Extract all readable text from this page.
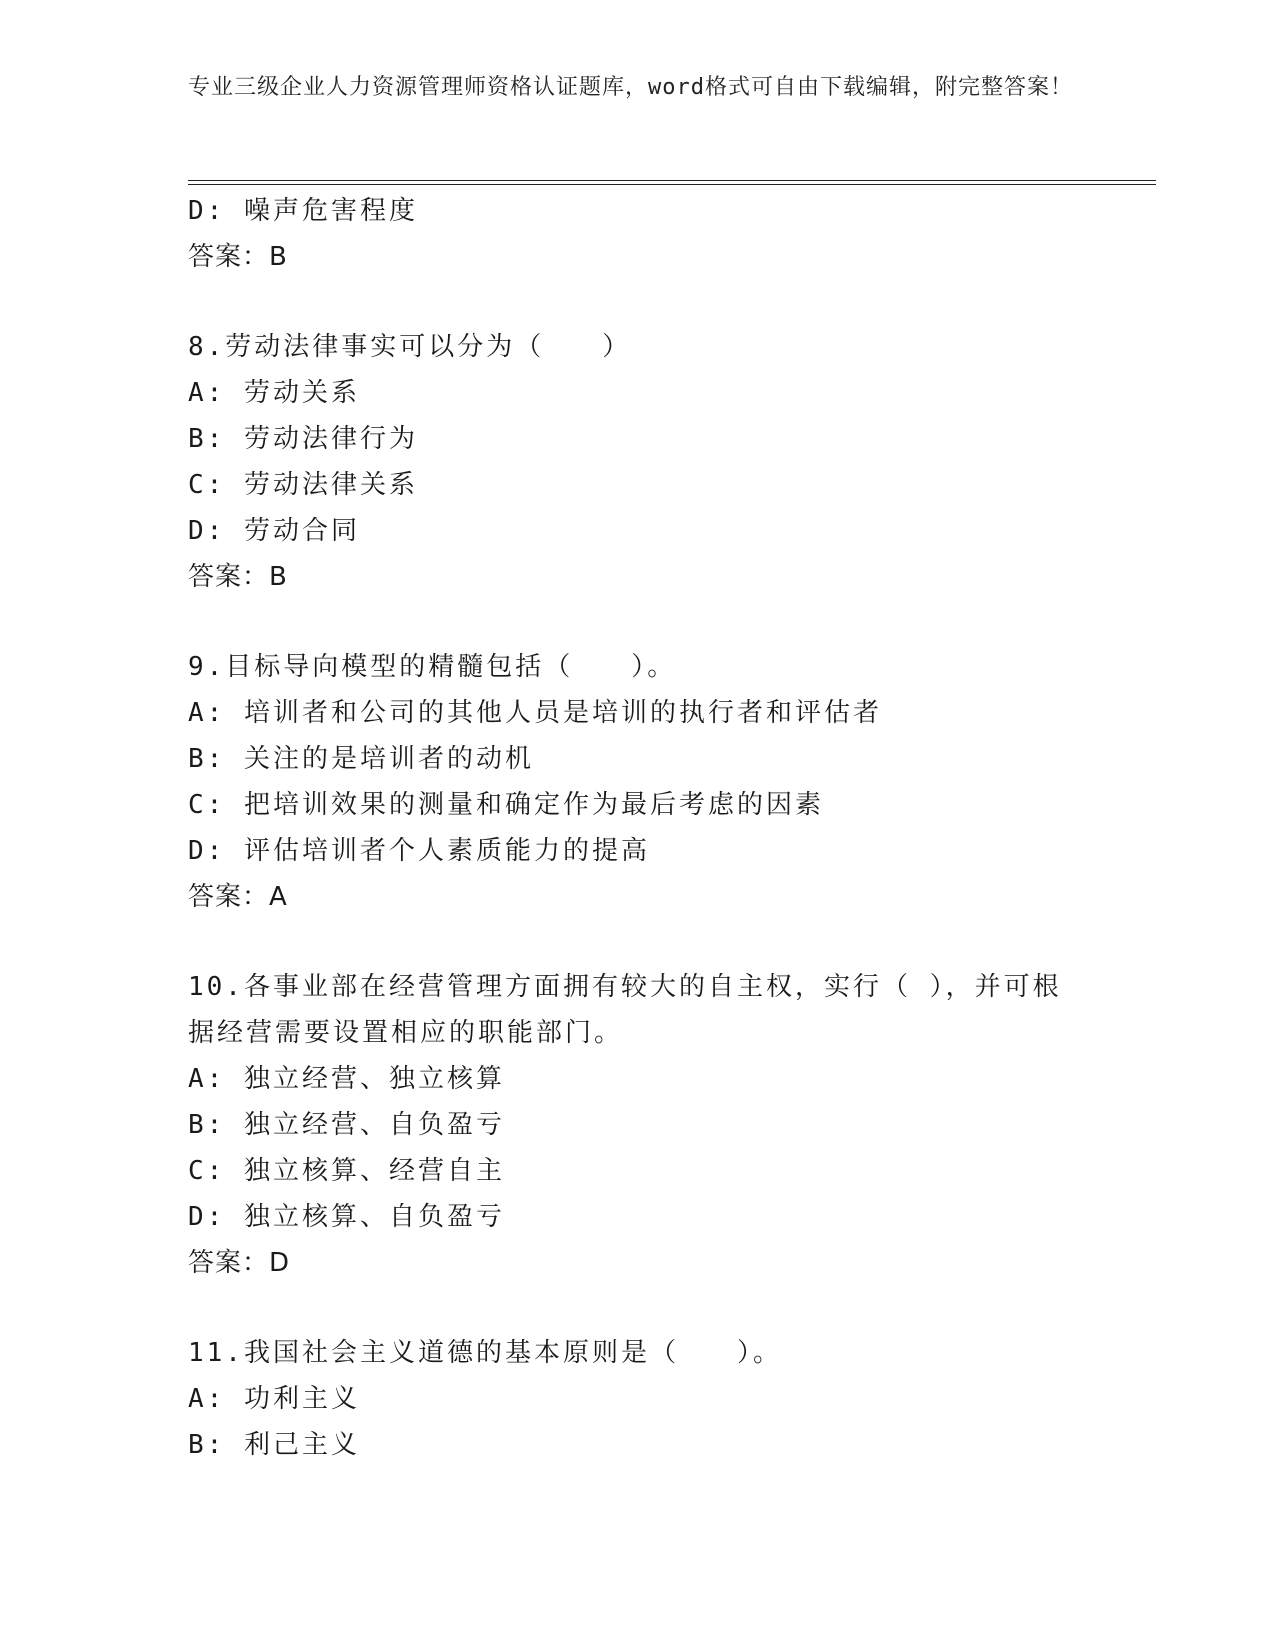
专业三级企业人力资源管理师资格认证题库，word格式可自由下载编辑，附完整答案！
D: 噪声危害程度
答案：B
8.劳动法律事实可以分为（　　）
A: 劳动关系
B: 劳动法律行为
C: 劳动法律关系
D: 劳动合同
答案：B
9.目标导向模型的精髓包括（　　）。
A: 培训者和公司的其他人员是培训的执行者和评估者
B: 关注的是培训者的动机
C: 把培训效果的测量和确定作为最后考虑的因素
D: 评估培训者个人素质能力的提高
答案：A
10.各事业部在经营管理方面拥有较大的自主权，实行（ ），并可根
据经营需要设置相应的职能部门。
A: 独立经营、独立核算
B: 独立经营、自负盈亏
C: 独立核算、经营自主
D: 独立核算、自负盈亏
答案：D
11.我国社会主义道德的基本原则是（　　）。
A: 功利主义
B: 利己主义
